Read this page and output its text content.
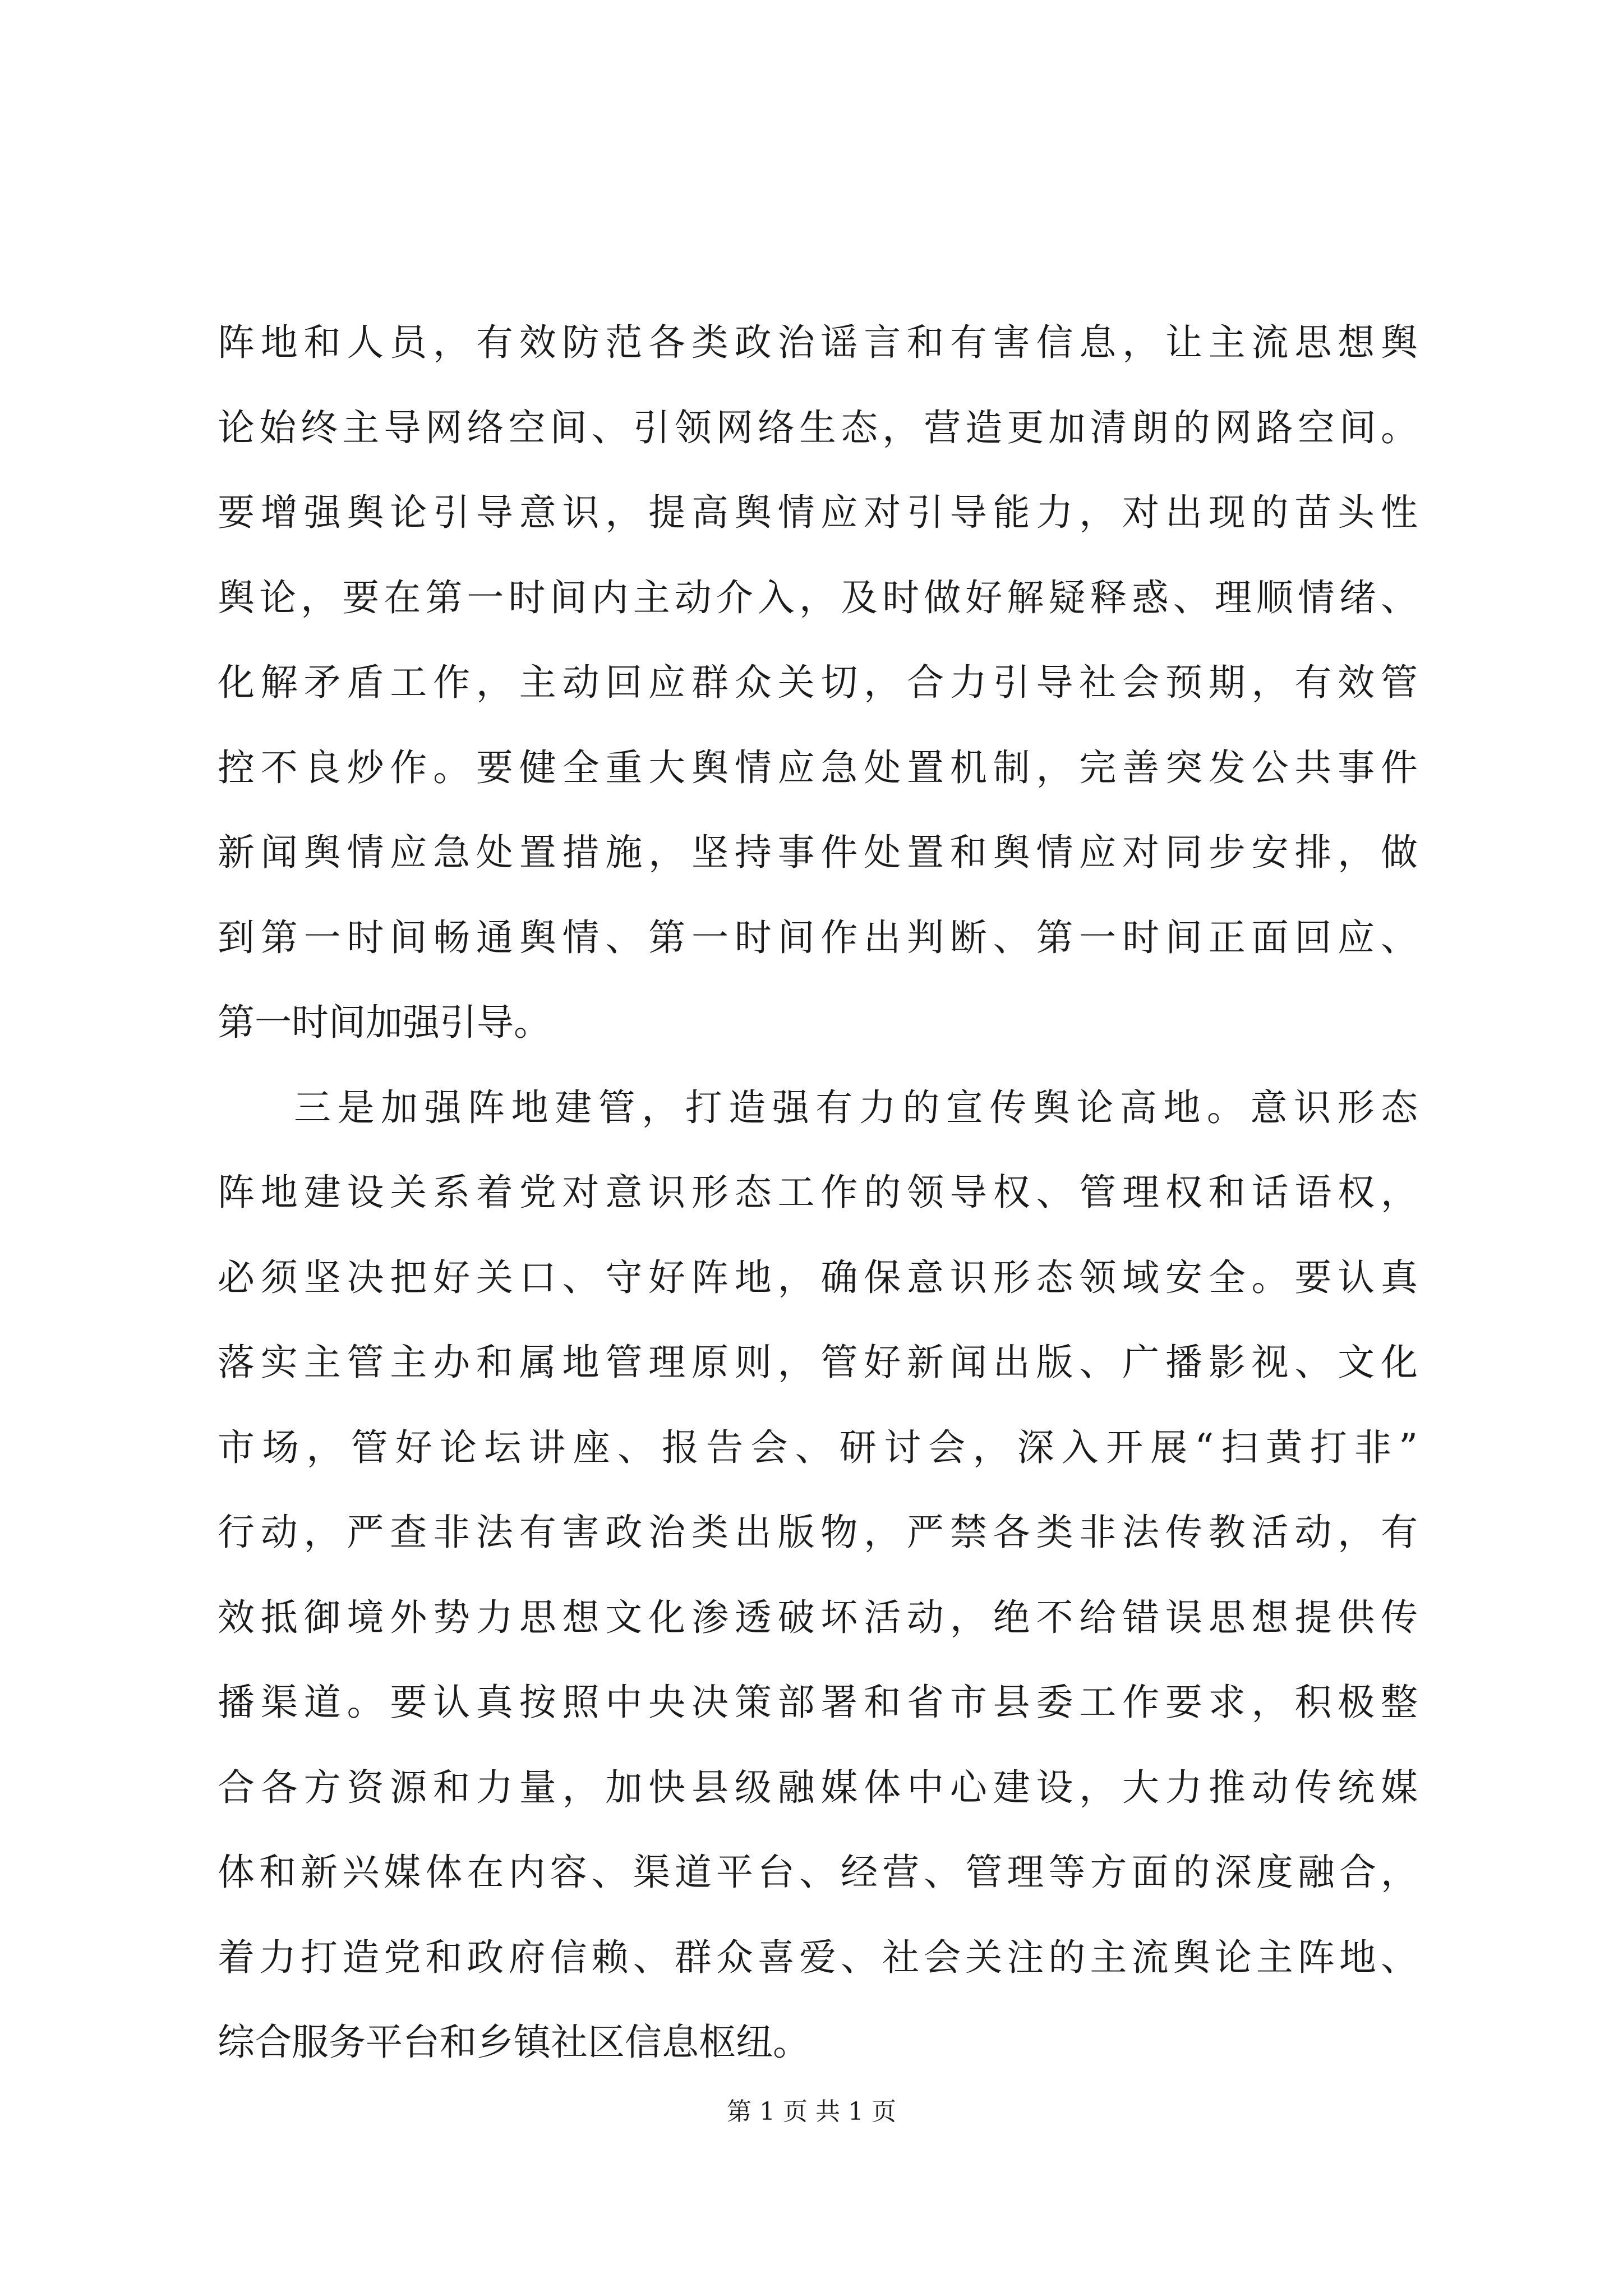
阵地和人员，有效防范各类政治谣言和有害信息，让主流思想舆
论始终主导网络空间、引领网络生态，营造更加清朗的网路空间。
要增强舆论引导意识，提高舆情应对引导能力，对出现的苗头性
舆论，要在第一时间内主动介入，及时做好解疑释惑、理顺情绪、
化解矛盾工作，主动回应群众关切，合力引导社会预期，有效管
控不良炒作。要健全重大舆情应急处置机制，完善突发公共事件
新闻舆情应急处置措施，坚持事件处置和舆情应对同步安排，做
到第一时间畅通舆情、第一时间作出判断、第一时间正面回应、
第一时间加强引导。
三是加强阵地建管，打造强有力的宣传舆论高地。意识形态
阵地建设关系着党对意识形态工作的领导权、管理权和话语权，
必须坚决把好关口、守好阵地，确保意识形态领域安全。要认真
落实主管主办和属地管理原则，管好新闻出版、广播影视、文化
市场，管好论坛讲座、报告会、研讨会，深入开展“扫黄打非”
行动，严查非法有害政治类出版物，严禁各类非法传教活动，有
效抵御境外势力思想文化渗透破坏活动，绝不给错误思想提供传
播渠道。要认真按照中央决策部署和省市县委工作要求，积极整
合各方资源和力量，加快县级融媒体中心建设，大力推动传统媒
体和新兴媒体在内容、渠道平台、经营、管理等方面的深度融合，
着力打造党和政府信赖、群众喜爱、社会关注的主流舆论主阵地、
综合服务平台和乡镇社区信息枢纽。
第 1 页 共 1 页
